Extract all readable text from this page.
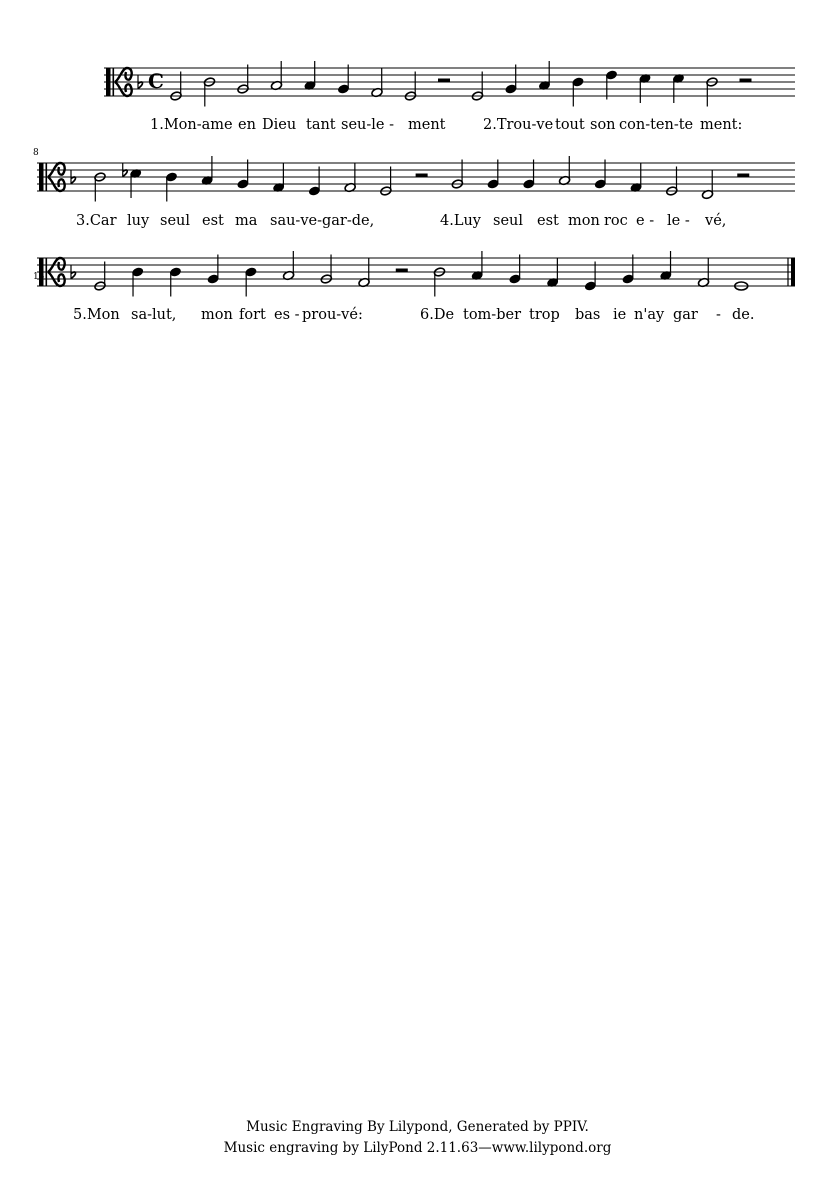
C
1.Mon-ame en Dieu tant seu-le - ment	2.Trou-ve tout son con-ten-te ment:
8
3.Car luy seul est ma sau-ve-gar-de,	4.Luy seul est mon roc e - le - vé,
15
5.Mon sa-lut, mon fort es - prou-vé:	6.De tom-ber trop bas ie n'ay gar - de.
Music Engraving By Lilypond, Generated by PPIV.
Music engraving by LilyPond 2.11.63—www.lilypond.org
